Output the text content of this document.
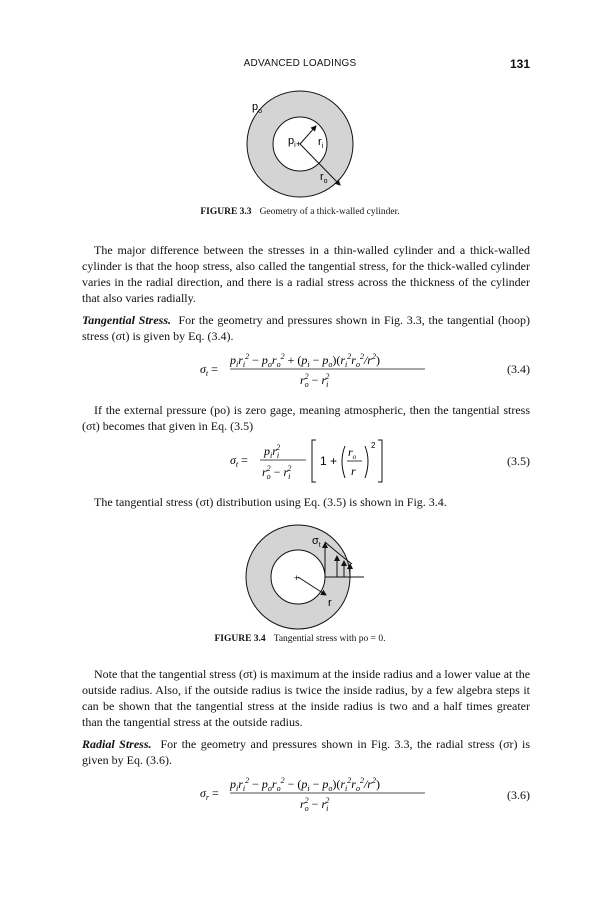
ADVANCED LOADINGS	131
+
$p_o$
$p_i$ $r_i$
$r_o$
FIGURE 3.3 Geometry of a thick-walled cylinder.
The major difference between the stresses in a thin-walled cylinder and a thick-walled cylinder is that the hoop stress, also called the tangential stress, for the thick-walled cylinder varies in the radial direction, and there is a radial stress across the thickness of the cylinder that also varies radially.
Tangential Stress. For the geometry and pressures shown in Fig. 3.3, the tangential (hoop) stress (σt) is given by Eq. (3.4).
$\sigma_t$ =
$p_ir_i^2 - p_or_o^2 + (p_i - p_o)(r_i^2r_o^2/r^2)$
$r_o2 - r_i2$
(3.4)
If the external pressure (po) is zero gage, meaning atmospheric, then the tangential stress (σt) becomes that given in Eq. (3.5)
$\sigma_t$ =
$p_ir_i2$
$r_o2 - r_i2$
1 +
$r_o$
r
2
(3.5)
The tangential stress (σt) distribution using Eq. (3.5) is shown in Fig. 3.4.
+
$\sigma_t$
r
FIGURE 3.4 Tangential stress with po = 0.
Note that the tangential stress (σt) is maximum at the inside radius and a lower value at the outside radius. Also, if the outside radius is twice the inside radius, by a few algebra steps it can be shown that the tangential stress at the inside radius is two and a half times greater than the tangential stress at the outside radius.
Radial Stress. For the geometry and pressures shown in Fig. 3.3, the radial stress (σr) is given by Eq. (3.6).
$\sigma_r$ =
$p_ir_i^2 - p_or_o^2 - (p_i - p_o)(r_i^2r_o^2/r^2)$
$r_o2 - r_i2$	(3.6)
